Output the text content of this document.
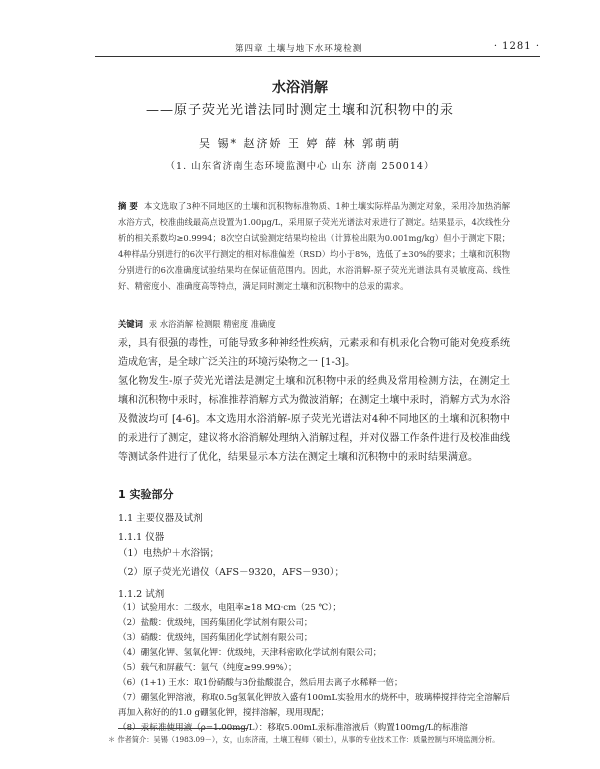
第四章 土壤与地下水环境检测	· 1281 ·
水浴消解
——原子荧光光谱法同时测定土壤和沉积物中的汞
吴 锡* 赵济娇 王 婷 薛 林 郭萌萌
（1. 山东省济南生态环境监测中心 山东 济南 250014）
摘 要 本文选取了3种不同地区的土壤和沉积物标准物质、1种土壤实际样品为测定对象，采用冷加热消解水浴方式，校准曲线最高点设置为1.00μg/L，采用原子荧光光谱法对汞进行了测定。结果显示，4次线性分析的相关系数均≥0.9994；8次空白试验测定结果均检出（计算检出限为0.001mg/kg）但小于测定下限；4种样品分别进行的6次平行测定的相对标准偏差（RSD）均小于8%，选低了±30%的要求；土壤和沉积物分别进行的6次准确度试验结果均在保证值范围内。因此，水浴消解-原子荧光光谱法具有灵敏度高、线性好、精密度小、准确度高等特点，满足同时测定土壤和沉积物中的总汞的需求。
关键词 汞 水浴消解 检测限 精密度 准确度
汞，具有很强的毒性，可能导致多种神经性疾病，元素汞和有机汞化合物可能对免疫系统造成危害，是全球广泛关注的环境污染物之一 [1-3]。
氢化物发生-原子荧光光谱法是测定土壤和沉积物中汞的经典及常用检测方法，在测定土壤和沉积物中汞时，标准推荐消解方式为微波消解；在测定土壤中汞时，消解方式为水浴及微波均可 [4-6]。本文选用水浴消解-原子荧光光谱法对4种不同地区的土壤和沉积物中的汞进行了测定，建议将水浴消解处理纳入消解过程，并对仪器工作条件进行及校准曲线等测试条件进行了优化，结果显示本方法在测定土壤和沉积物中的汞时结果满意。
1 实验部分
1.1 主要仪器及试剂
1.1.1 仪器
（1）电热炉＋水浴锅；
（2）原子荧光光谱仪（AFS－9320，AFS－930）；
1.1.2 试剂
（1）试验用水：二级水，电阻率≥18 MΩ·cm（25 ℃）；
（2）盐酸：优级纯，国药集团化学试剂有限公司；
（3）硝酸：优级纯，国药集团化学试剂有限公司；
（4）硼氢化钾、氢氧化钾：优级纯，天津科密欧化学试剂有限公司；
（5）载气和屏蔽气：氩气（纯度≥99.99%）；
（6）(1+1) 王水：取1份硝酸与3份盐酸混合，然后用去离子水稀释一倍；
（7）硼氢化钾溶液，称取0.5g氢氧化钾放入盛有100mL实验用水的烧杯中，玻璃棒搅拌待完全溶解后再加入称好的的1.0 g硼氢化钾，搅拌溶解，现用现配；
（8）汞标准使用液（ρ=1.00mg/L）：移取5.00mL汞标准溶液后（购置100mg/L的标准溶
＊ 作者简介：吴锡（1983.09－），女，山东济南，土壤工程师（硕士），从事的专业技术工作：质量控制与环境监测分析。
